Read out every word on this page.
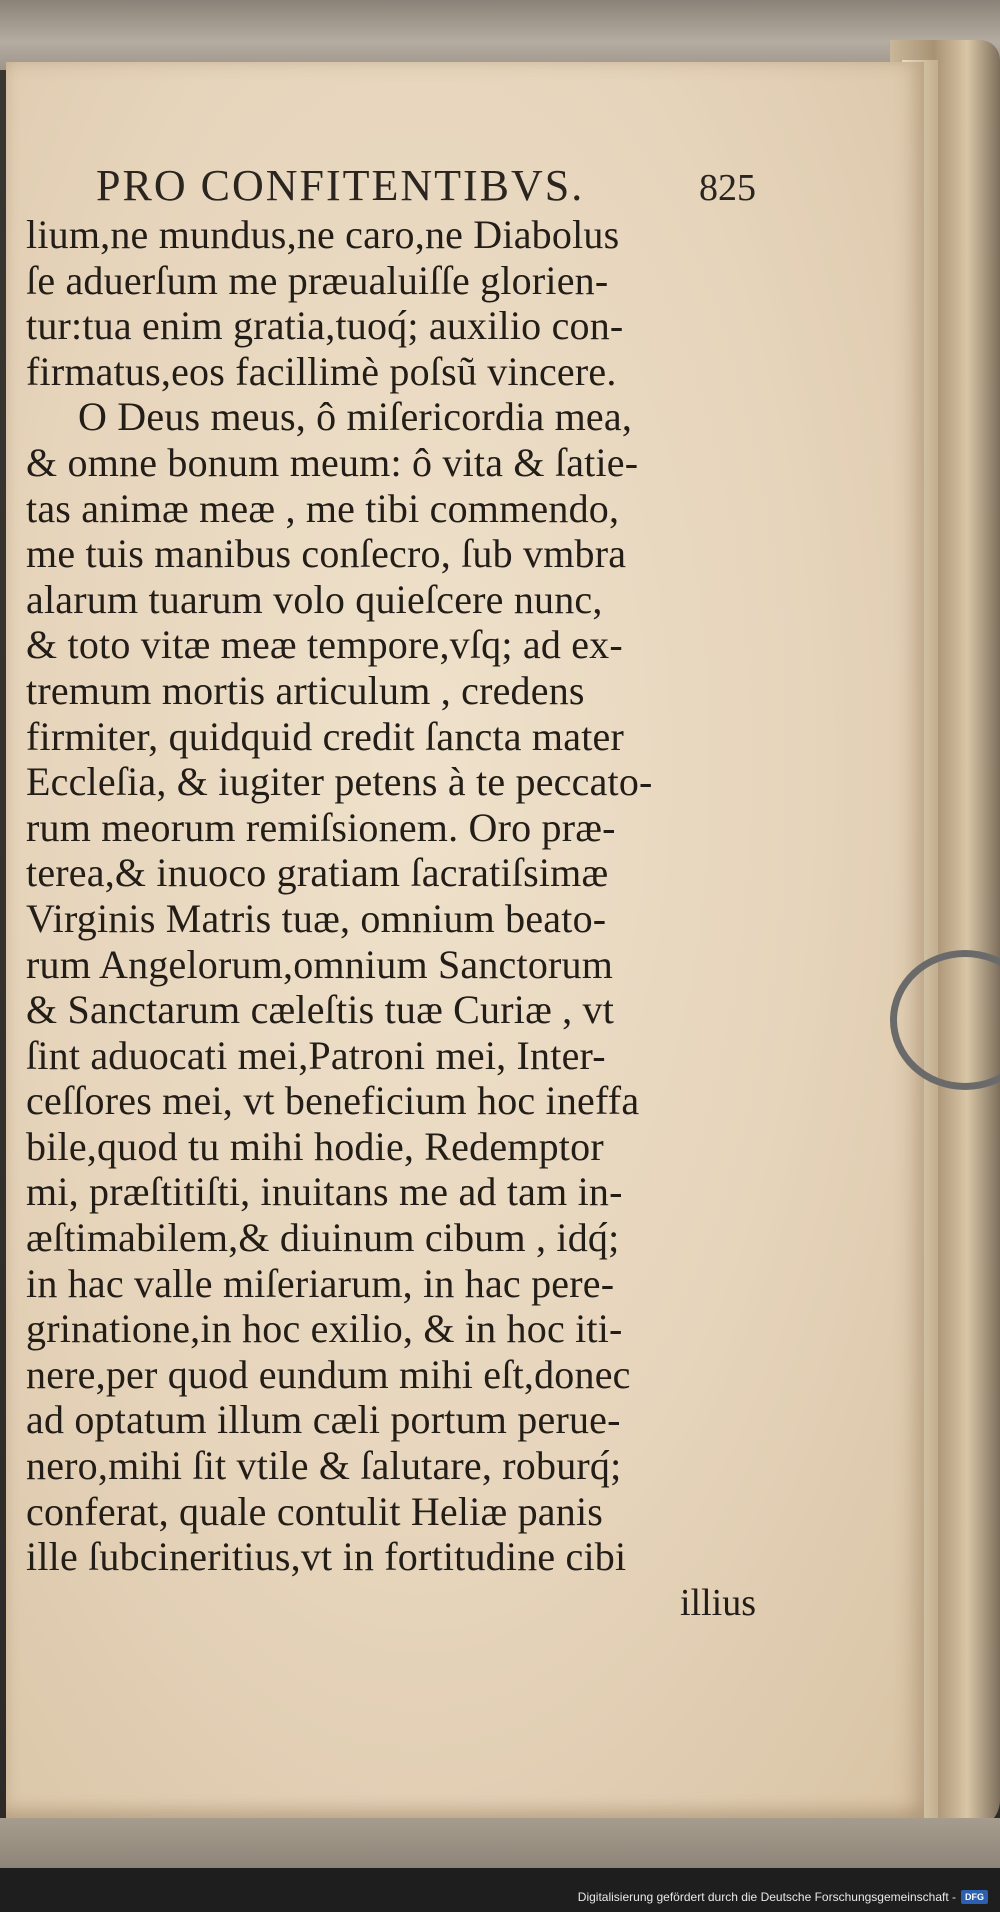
PRO CONFITENTIBVS.	825
lium,ne mundus,ne caro,ne Diabolus
ſe aduerſum me præualuiſſe glorien-
tur:tua enim gratia,tuoq́; auxilio con-
firmatus,eos facillimè poſsũ vincere.
O Deus meus, ô miſericordia mea,
& omne bonum meum: ô vita & ſatie-
tas animæ meæ , me tibi commendo,
me tuis manibus conſecro, ſub vmbra
alarum tuarum volo quieſcere nunc,
& toto vitæ meæ tempore,vſq; ad ex-
tremum mortis articulum , credens
firmiter, quidquid credit ſancta mater
Eccleſia, & iugiter petens à te peccato-
rum meorum remiſsionem. Oro præ-
terea,& inuoco gratiam ſacratiſsimæ
Virginis Matris tuæ, omnium beato-
rum Angelorum,omnium Sanctorum
& Sanctarum cæleſtis tuæ Curiæ , vt
ſint aduocati mei,Patroni mei, Inter-
ceſſores mei, vt beneficium hoc ineffa
bile,quod tu mihi hodie, Redemptor
mi, præſtitiſti, inuitans me ad tam in-
æſtimabilem,& diuinum cibum , idq́;
in hac valle miſeriarum, in hac pere-
grinatione,in hoc exilio, & in hoc iti-
nere,per quod eundum mihi eſt,donec
ad optatum illum cæli portum perue-
nero,mihi ſit vtile & ſalutare, roburq́;
conferat, quale contulit Heliæ panis
ille ſubcineritius,vt in fortitudine cibi
illius
Digitalisierung gefördert durch die Deutsche Forschungsgemeinschaft -	DFG
